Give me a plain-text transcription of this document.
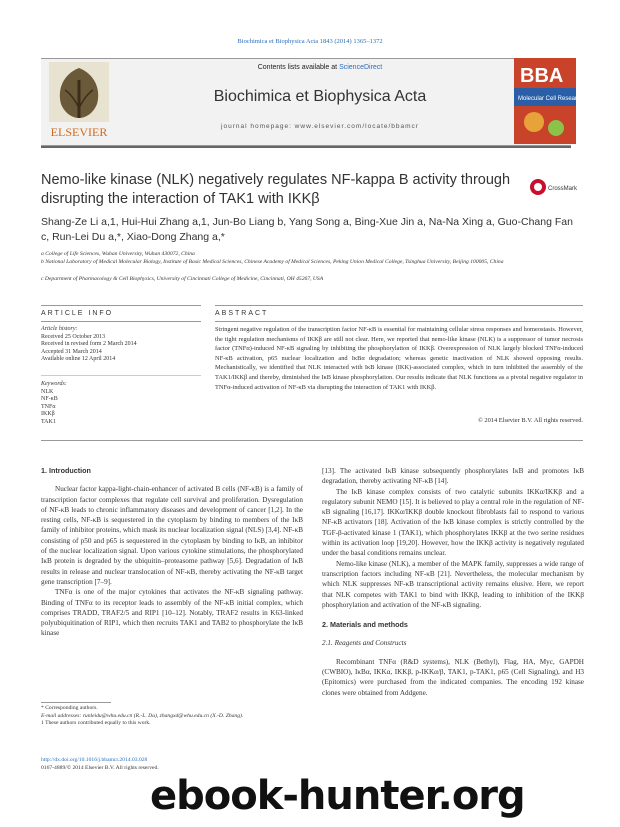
Biochimica et Biophysica Acta 1843 (2014) 1365–1372
ELSEVIER
Contents lists available at ScienceDirect
Biochimica et Biophysica Acta
journal homepage: www.elsevier.com/locate/bbamcr
BBA
Molecular Cell Research
Nemo-like kinase (NLK) negatively regulates NF-kappa B activity through disrupting the interaction of TAK1 with IKKβ
CrossMark
Shang-Ze Li a,1, Hui-Hui Zhang a,1, Jun-Bo Liang b, Yang Song a, Bing-Xue Jin a, Na-Na Xing a, Guo-Chang Fan c, Run-Lei Du a,*, Xiao-Dong Zhang a,*
a College of Life Sciences, Wuhan University, Wuhan 430072, China
b National Laboratory of Medical Molecular Biology, Institute of Basic Medical Sciences, Chinese Academy of Medical Sciences, Peking Union Medical College, Tsinghua University, Beijing 100005, China
c Department of Pharmacology & Cell Biophysics, University of Cincinnati College of Medicine, Cincinnati, OH 45267, USA
ARTICLE INFO	ABSTRACT
Article history:
Received 25 October 2013
Received in revised form 2 March 2014
Accepted 31 March 2014
Available online 12 April 2014
Keywords:
NLK
NF-κB
TNFα
IKKβ
TAK1
Stringent negative regulation of the transcription factor NF-κB is essential for maintaining cellular stress responses and homeostasis. However, the tight regulation mechanisms of IKKβ are still not clear. Here, we reported that nemo-like kinase (NLK) is a suppressor of tumor necrosis factor (TNFα)-induced NF-κB signaling by inhibiting the phosphorylation of IKKβ. Overexpression of NLK largely blocked TNFα-induced NF-κB activation, p65 nuclear localization and IκBα degradation; whereas genetic inactivation of NLK showed opposing results. Mechanistically, we identified that NLK interacted with IκB kinase (IKK)-associated complex, which in turn inhibited the assembly of the TAK1/IKKβ and thereby, diminished the IκB kinase phosphorylation. Our results indicate that NLK functions as a pivotal negative regulator in TNFα-induced activation of NF-κB via disrupting the interaction of TAK1 with IKKβ.
© 2014 Elsevier B.V. All rights reserved.
1. Introduction

Nuclear factor kappa-light-chain-enhancer of activated B cells (NF-κB) is a family of transcription factor complexes that regulate cell survival and proliferation. Dysregulation of NF-κB leads to chronic inflammatory diseases and development of cancer [1,2]. In the resting cells, NF-κB is sequestered in the cytoplasm by binding to members of the IκB family of inhibitor proteins, which mask its nuclear localization signal (NLS) [3,4]. NF-κB consisting of p50 and p65 is sequestered in the cytoplasm by binding to IκB, an inhibitor of the nuclear localization signal. Upon various cytokine stimulations, the phosphorylated IκB protein is degraded by the ubiquitin–proteasome pathway [5,6]. Degradation of IκB results in release and nuclear translocation of NF-κB, thereby activating the NF-κB target gene transcription [7–9].

TNFα is one of the major cytokines that activates the NF-κB signaling pathway. Binding of TNFα to its receptor leads to assembly of the NF-κB initial complex, which comprises TRADD, TRAF2/5 and RIP1 [10–12]. Notably, TRAF2 results in K63-linked polyubiquitination of RIP1, which then recruits TAK1 and TAB2 to phosphorylate the IκB kinase

[13]. The activated IκB kinase subsequently phosphorylates IκB and promotes IκB degradation, thereby activating NF-κB [14].

The IκB kinase complex consists of two catalytic subunits IKKα/IKKβ and a regulatory subunit NEMO [15]. It is believed to play a central role in the regulation of NF-κB signaling [16,17]. IKKα/IKKβ double knockout fibroblasts fail to respond to various NF-κB activators [18]. Activation of the IκB kinase complex is strictly controlled by the TGF-β-activated kinase 1 (TAK1), which phosphorylates IKKβ at the two serine residues within its activation loop [19,20]. However, how the IKKβ activity is negatively regulated under the basal conditions remains unclear.

Nemo-like kinase (NLK), a member of the MAPK family, suppresses a wide range of transcription factors including NF-κB [21]. Nevertheless, the molecular mechanism by which NLK suppresses NF-κB transcriptional activity remains elusive. Here, we report that NLK competes with TAK1 to bind with IKKβ, leading to inhibition of the IKKβ phosphorylation and activation of the NF-κB signaling.

2. Materials and methods
2.1. Reagents and Constructs

Recombinant TNFα (R&D systems), NLK (Bethyl), Flag, HA, Myc, GAPDH (CWBIO), IκBα, IKKα, IKKβ, p-IKKα/β, TAK1, p-TAK1, p65 (Cell Signaling), and H3 (Epitomics) were purchased from the indicated companies. The encoding 192 kinase clones were obtained from Addgene.

* Corresponding authors.
E-mail addresses: runleidu@whu.edu.cn (R.-L. Du), zhangxd@whu.edu.cn (X.-D. Zhang).
1 These authors contributed equally to this work.
http://dx.doi.org/10.1016/j.bbamcr.2014.03.028
0167-4889/© 2014 Elsevier B.V. All rights reserved.
ebook-hunter.org
